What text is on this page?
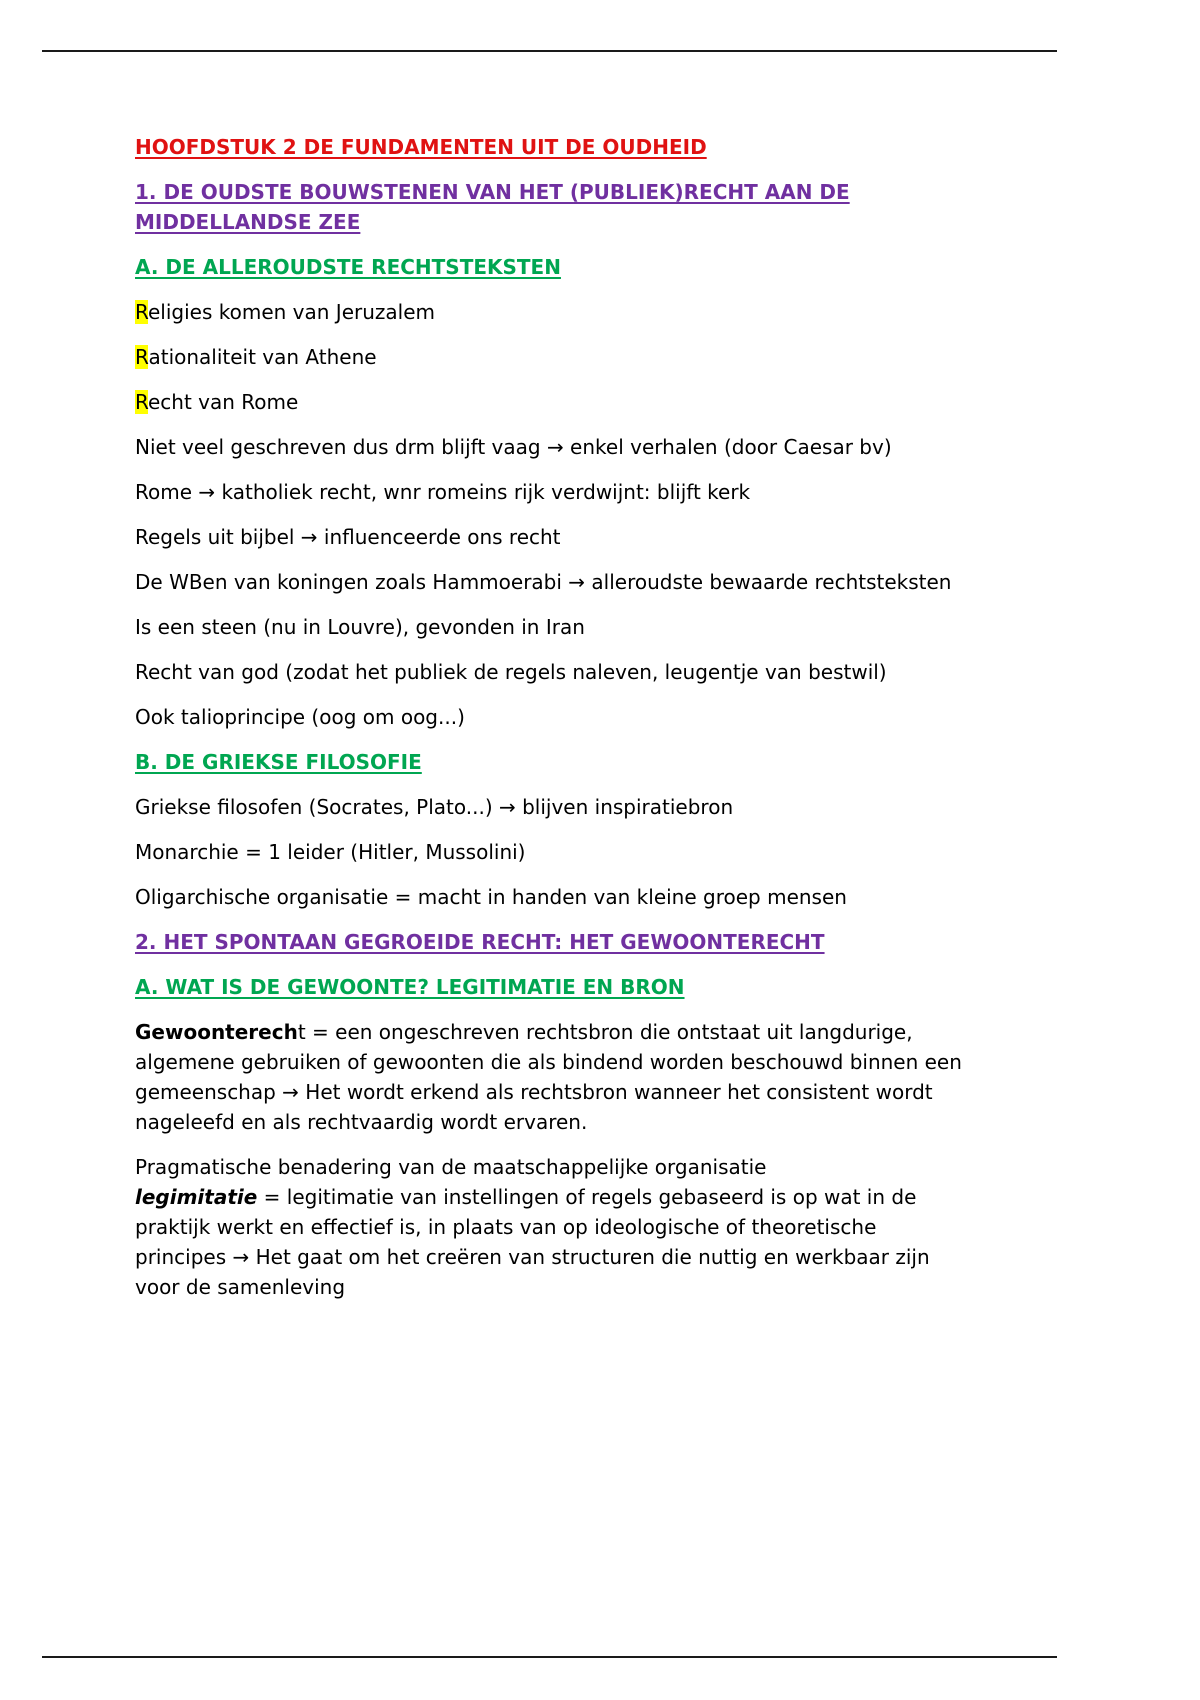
HOOFDSTUK 2 DE FUNDAMENTEN UIT DE OUDHEID
1. DE OUDSTE BOUWSTENEN VAN HET (PUBLIEK)RECHT AAN DE MIDDELLANDSE ZEE
A. DE ALLEROUDSTE RECHTSTEKSTEN

Religies komen van Jeruzalem

Rationaliteit van Athene

Recht van Rome

Niet veel geschreven dus drm blijft vaag → enkel verhalen (door Caesar bv)

Rome → katholiek recht, wnr romeins rijk verdwijnt: blijft kerk

Regels uit bijbel → influenceerde ons recht

De WBen van koningen zoals Hammoerabi → alleroudste bewaarde rechtsteksten

Is een steen (nu in Louvre), gevonden in Iran

Recht van god (zodat het publiek de regels naleven, leugentje van bestwil)

Ook talioprincipe (oog om oog...)

B. DE GRIEKSE FILOSOFIE

Griekse filosofen (Socrates, Plato...) → blijven inspiratiebron

Monarchie = 1 leider (Hitler, Mussolini)

Oligarchische organisatie = macht in handen van kleine groep mensen

2. HET SPONTAAN GEGROEIDE RECHT: HET GEWOONTERECHT
A. WAT IS DE GEWOONTE? LEGITIMATIE EN BRON

Gewoonterecht = een ongeschreven rechtsbron die ontstaat uit langdurige, algemene gebruiken of gewoonten die als bindend worden beschouwd binnen een gemeenschap → Het wordt erkend als rechtsbron wanneer het consistent wordt nageleefd en als rechtvaardig wordt ervaren.

Pragmatische benadering van de maatschappelijke organisatie
legimitatie = legitimatie van instellingen of regels gebaseerd is op wat in de praktijk werkt en effectief is, in plaats van op ideologische of theoretische principes → Het gaat om het creëren van structuren die nuttig en werkbaar zijn voor de samenleving
